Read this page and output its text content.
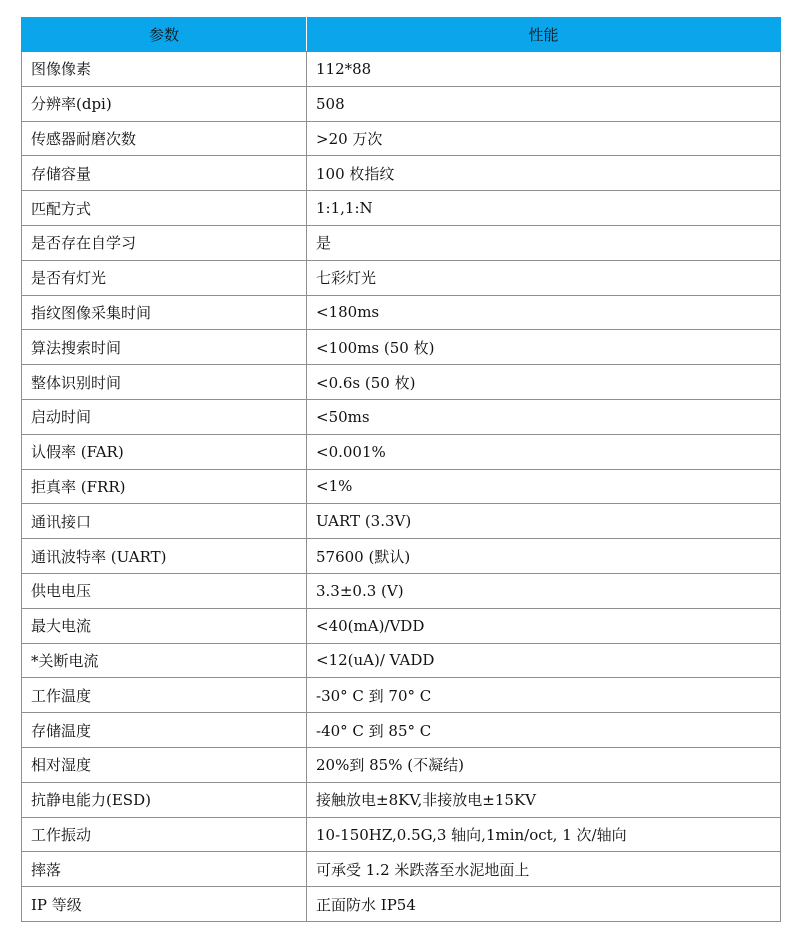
参数	性能
图像像素	112*88
分辨率(dpi)	508
传感器耐磨次数	>20 万次
存储容量	100 枚指纹
匹配方式	1:1,1:N
是否存在自学习	是
是否有灯光	七彩灯光
指纹图像采集时间	<180ms
算法搜索时间	<100ms (50 枚)
整体识别时间	<0.6s (50 枚)
启动时间	<50ms
认假率 (FAR)	<0.001%
拒真率 (FRR)	<1%
通讯接口	UART (3.3V)
通讯波特率 (UART)	57600 (默认)
供电电压	3.3±0.3 (V)
最大电流	<40(mA)/VDD
*关断电流	<12(uA)/ VADD
工作温度	-30° C 到 70° C
存储温度	-40° C 到 85° C
相对湿度	20%到 85% (不凝结)
抗静电能力(ESD)	接触放电±8KV,非接放电±15KV
工作振动	10-150HZ,0.5G,3 轴向,1min/oct, 1 次/轴向
摔落	可承受 1.2 米跌落至水泥地面上
IP 等级	正面防水 IP54
